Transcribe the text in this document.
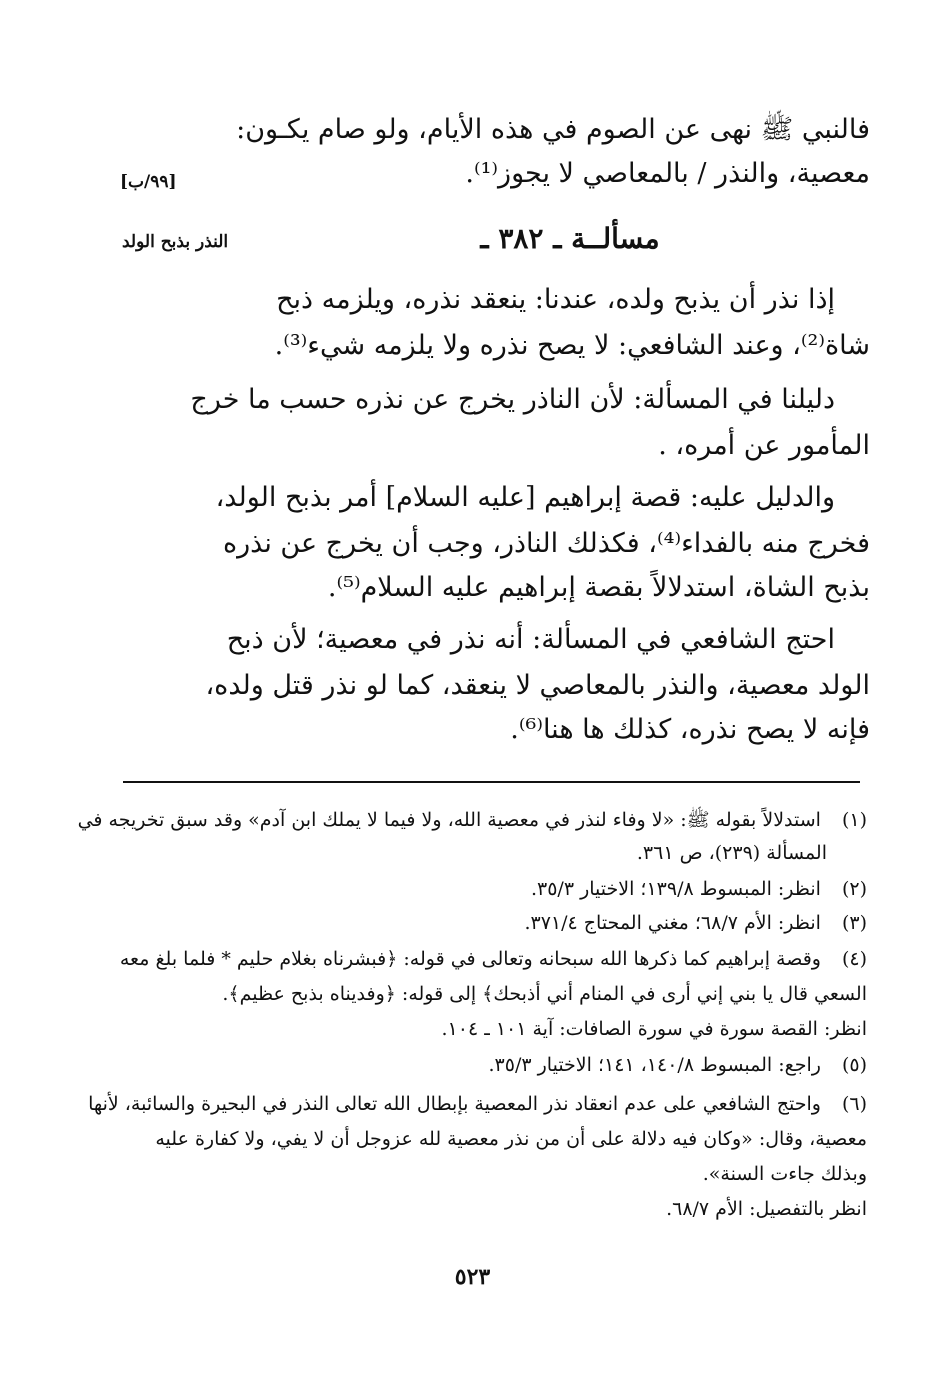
فالنبي ﷺ نهى عن الصوم في هذه الأيام، ولو صام يكـون:
معصية، والنذر / بالمعاصي لا يجوز⁽¹⁾.
[٩٩/ب]
النذر بذبح الولد	مسألــة ـ ٣٨٢ ـ
إذا نذر أن يذبح ولده، عندنا: ينعقد نذره، ويلزمه ذبح
شاة⁽²⁾، وعند الشافعي: لا يصح نذره ولا يلزمه شيء⁽³⁾.
دليلنا في المسألة: لأن الناذر يخرج عن نذره حسب ما خرج
المأمور عن أمره، .
والدليل عليه: قصة إبراهيم [عليه السلام] أمر بذبح الولد،
فخرج منه بالفداء⁽⁴⁾، فكذلك الناذر، وجب أن يخرج عن نذره
بذبح الشاة، استدلالاً بقصة إبراهيم عليه السلام⁽⁵⁾.
احتج الشافعي في المسألة: أنه نذر في معصية؛ لأن ذبح
الولد معصية، والنذر بالمعاصي لا ينعقد، كما لو نذر قتل ولده،
فإنه لا يصح نذره، كذلك ها هنا⁽⁶⁾.
(١) استدلالاً بقوله ﷺ: «لا وفاء لنذر في معصية الله، ولا فيما لا يملك ابن آدم» وقد سبق تخريجه في
المسألة (٢٣٩)، ص ٣٦١.
(٢) انظر: المبسوط ١٣٩/٨؛ الاختيار ٣٥/٣.
(٣) انظر: الأم ٦٨/٧؛ مغني المحتاج ٣٧١/٤.
(٤) وقصة إبراهيم كما ذكرها الله سبحانه وتعالى في قوله: ﴿فبشرناه بغلام حليم * فلما بلغ معه
السعي قال يا بني إني أرى في المنام أني أذبحك﴾ إلى قوله: ﴿وفديناه بذبح عظيم﴾.
انظر: القصة سورة في سورة الصافات: آية ١٠١ ـ ١٠٤.
(٥) راجع: المبسوط ١٤٠/٨، ١٤١؛ الاختيار ٣٥/٣.
(٦) واحتج الشافعي على عدم انعقاد نذر المعصية بإبطال الله تعالى النذر في البحيرة والسائبة، لأنها
معصية، وقال: «وكان فيه دلالة على أن من نذر معصية لله عزوجل أن لا يفي، ولا كفارة عليه
وبذلك جاءت السنة».
انظر بالتفصيل: الأم ٦٨/٧.
٥٢٣
